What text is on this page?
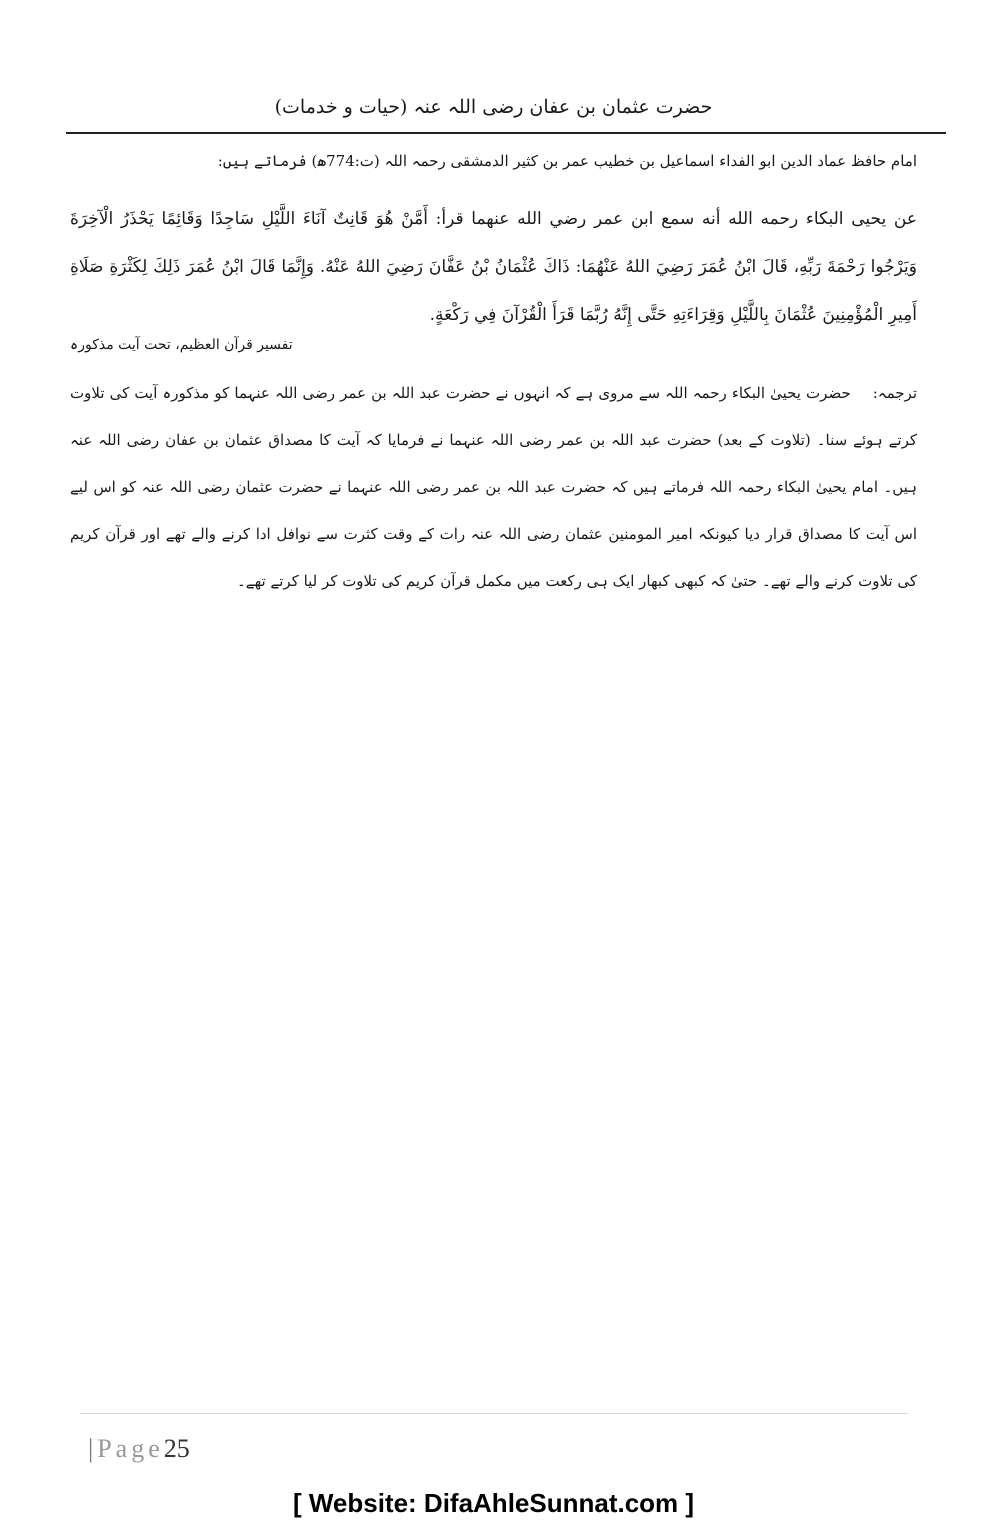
حضرت عثمان بن عفان رضی اللہ عنہ (حیات و خدمات)
امام حافظ عماد الدین ابو الفداء اسماعیل بن خطیب عمر بن کثیر الدمشقی رحمہ اللہ (ت:774ھ) فرماتے ہیں:
عن يحيى البكاء رحمه الله أنه سمع ابن عمر رضي الله عنهما قرأ: أَمَّنْ هُوَ قَانِتٌ آنَاءَ اللَّيْلِ سَاجِدًا وَقَائِمًا يَحْذَرُ الْآخِرَةَ وَيَرْجُوا رَحْمَةَ رَبِّهِ، قَالَ ابْنُ عُمَرَ رَضِيَ اللهُ عَنْهُمَا: ذَاكَ عُثْمَانُ بْنُ عَفَّانَ رَضِيَ اللهُ عَنْهُ. وَإِنَّمَا قَالَ ابْنُ عُمَرَ ذَلِكَ لِكَثْرَةِ صَلَاةِ أَمِيرِ الْمُؤْمِنِينَ عُثْمَانَ بِاللَّيْلِ وَقِرَاءَتِهِ حَتَّى إِنَّهُ رُبَّمَا قَرَأَ الْقُرْآنَ فِي رَكْعَةٍ.
تفسیر قرآن العظیم، تحت آیت مذکورہ
ترجمہ:حضرت یحییٰ البکاء رحمہ اللہ سے مروی ہے کہ انہوں نے حضرت عبد اللہ بن عمر رضی اللہ عنہما کو مذکورہ آیت کی تلاوت کرتے ہوئے سنا۔ (تلاوت کے بعد) حضرت عبد اللہ بن عمر رضی اللہ عنہما نے فرمایا کہ آیت کا مصداق عثمان بن عفان رضی اللہ عنہ ہیں۔ امام یحییٰ البکاء رحمہ اللہ فرماتے ہیں کہ حضرت عبد اللہ بن عمر رضی اللہ عنہما نے حضرت عثمان رضی اللہ عنہ کو اس لیے اس آیت کا مصداق قرار دیا کیونکہ امیر المومنین عثمان رضی اللہ عنہ رات کے وقت کثرت سے نوافل ادا کرنے والے تھے اور قرآن کریم کی تلاوت کرنے والے تھے۔ حتیٰ کہ کبھی کبھار ایک ہی رکعت میں مکمل قرآن کریم کی تلاوت کر لیا کرتے تھے۔
| Page25
[ Website: DifaAhleSunnat.com ]
